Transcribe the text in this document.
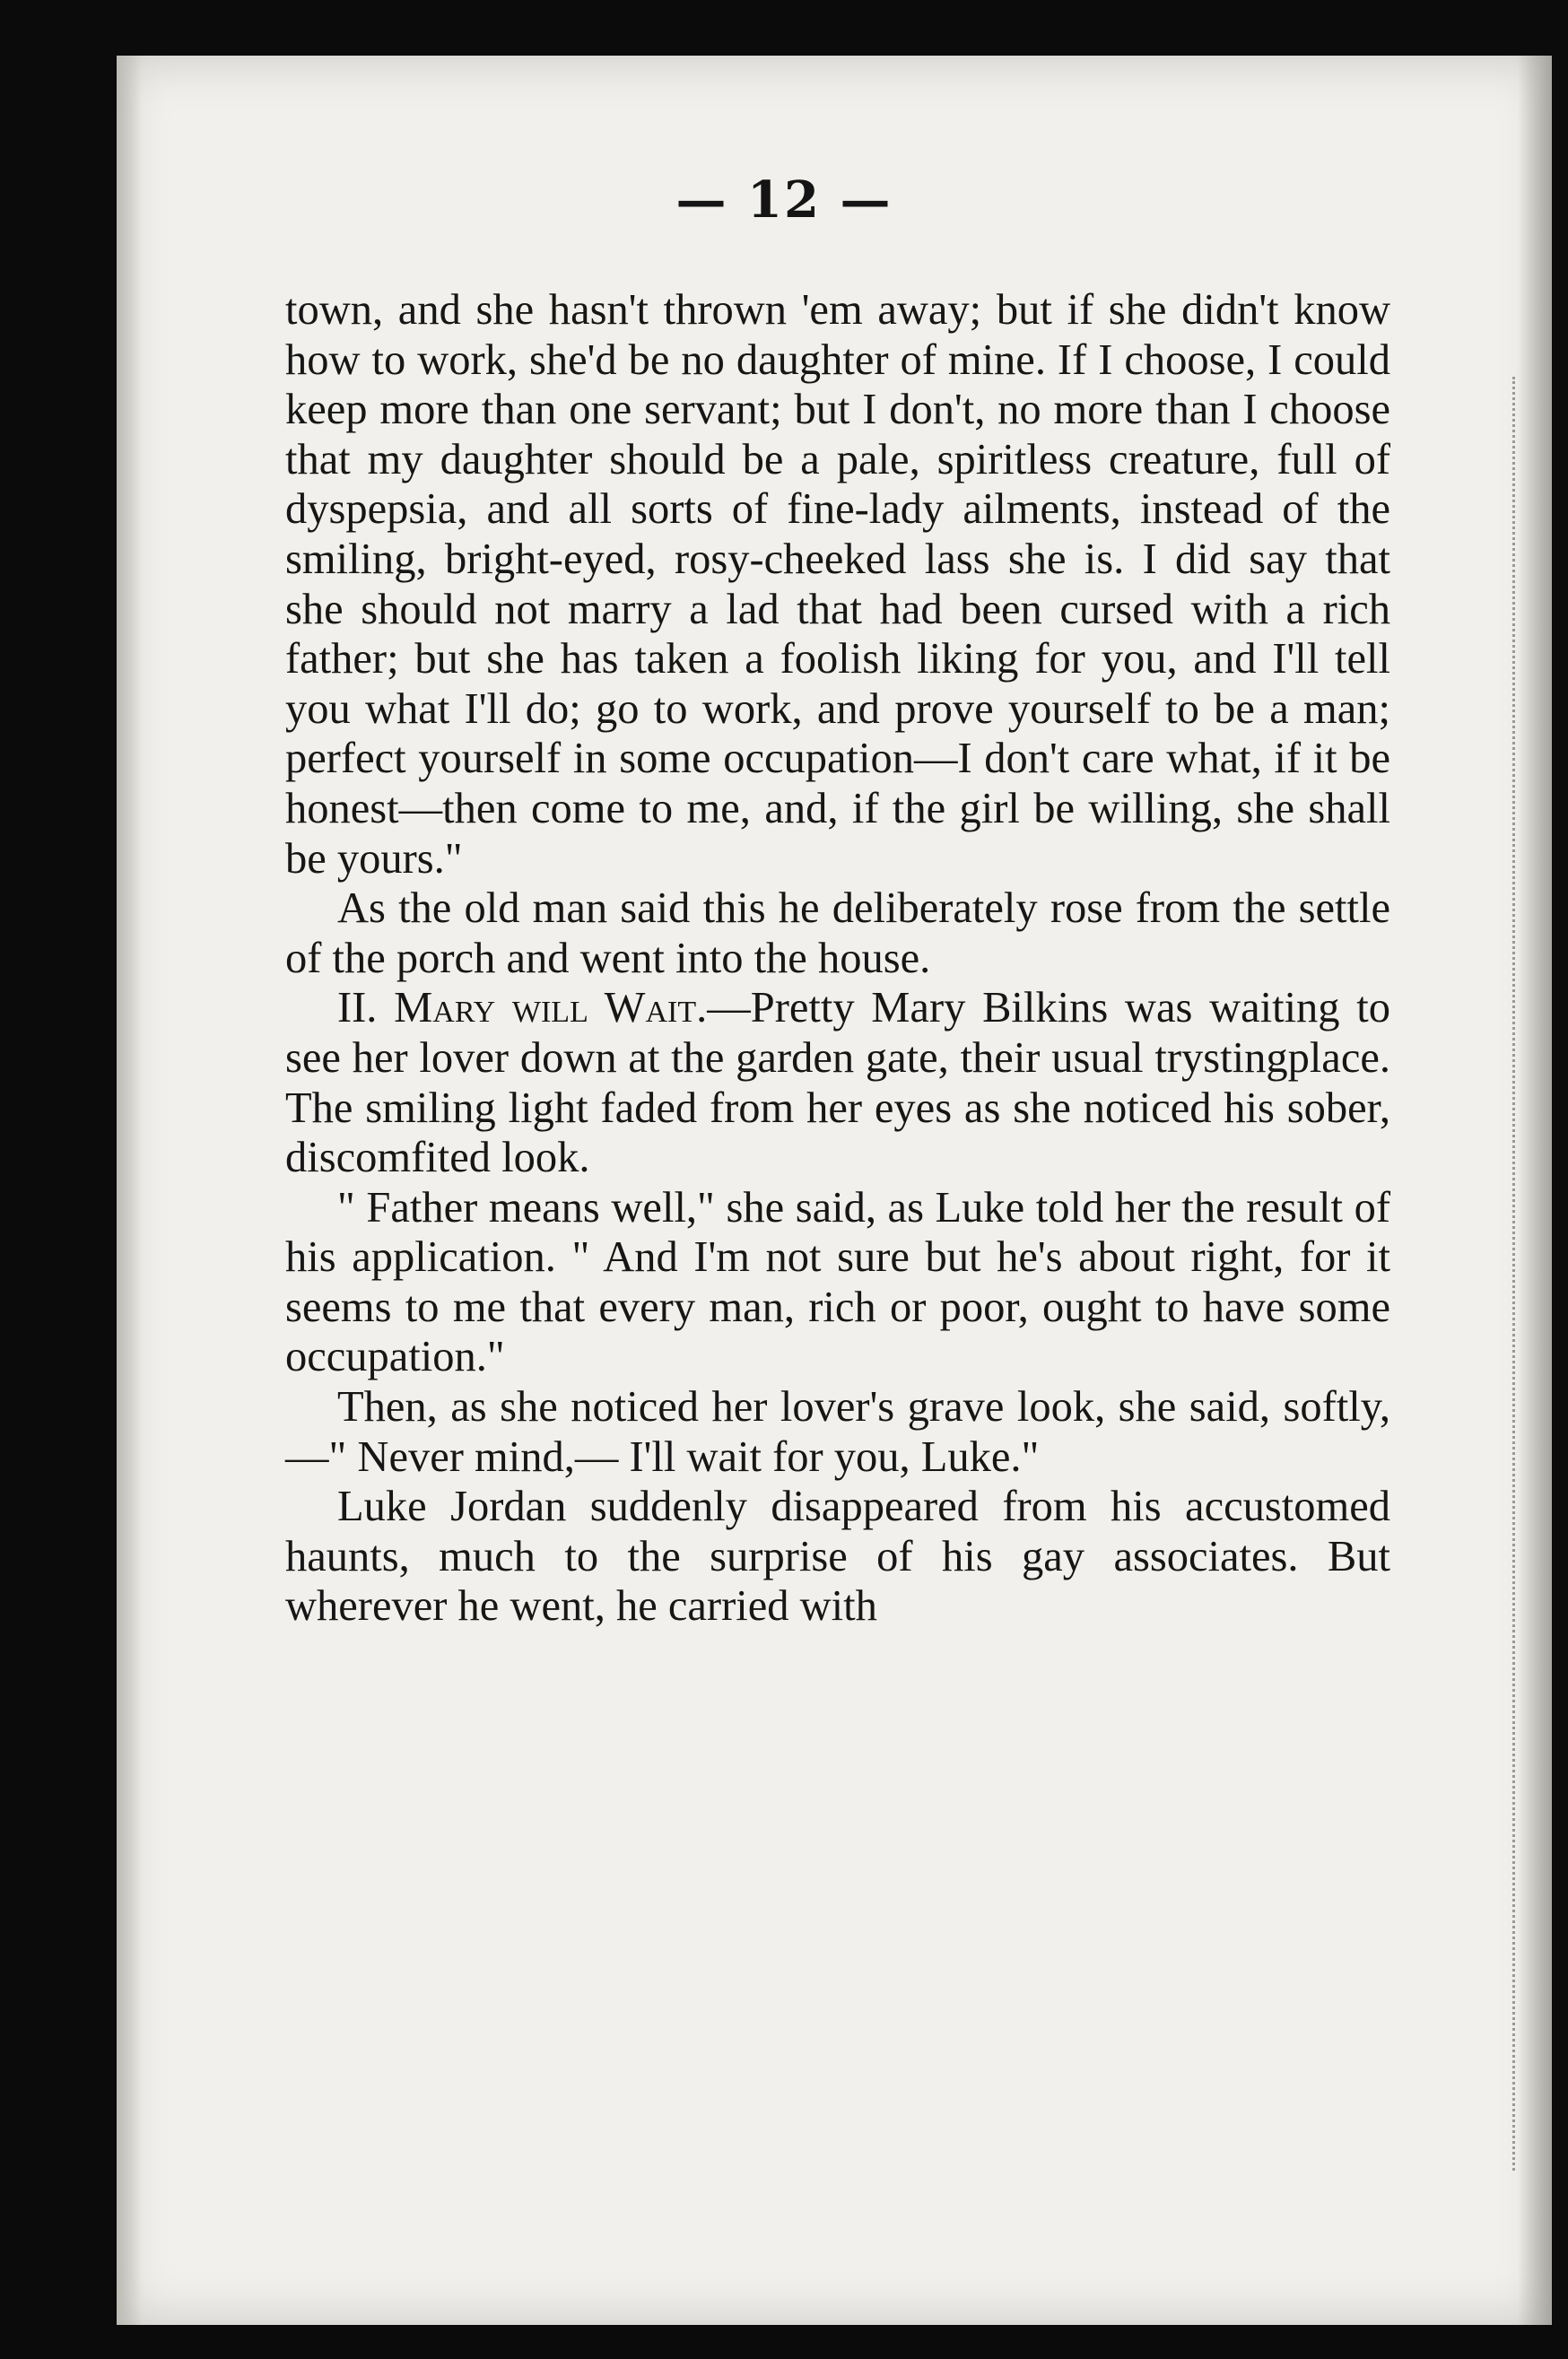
— 12 —

town, and she hasn't thrown 'em away; but if she didn't know how to work, she'd be no daughter of mine. If I choose, I could keep more than one servant; but I don't, no more than I choose that my daughter should be a pale, spiritless creature, full of dyspepsia, and all sorts of fine-lady ailments, instead of the smiling, bright-eyed, rosy-cheeked lass she is. I did say that she should not marry a lad that had been cursed with a rich father; but she has taken a foolish liking for you, and I'll tell you what I'll do; go to work, and prove yourself to be a man; perfect yourself in some occupation—I don't care what, if it be honest—then come to me, and, if the girl be willing, she shall be yours."

As the old man said this he deliberately rose from the settle of the porch and went into the house.

II. Mary will Wait.—Pretty Mary Bilkins was waiting to see her lover down at the garden gate, their usual trystingplace. The smiling light faded from her eyes as she noticed his sober, discomfited look.

" Father means well," she said, as Luke told her the result of his application. " And I'm not sure but he's about right, for it seems to me that every man, rich or poor, ought to have some occupation."

Then, as she noticed her lover's grave look, she said, softly,—" Never mind,— I'll wait for you, Luke."

Luke Jordan suddenly disappeared from his accustomed haunts, much to the surprise of his gay associates. But wherever he went, he carried with
